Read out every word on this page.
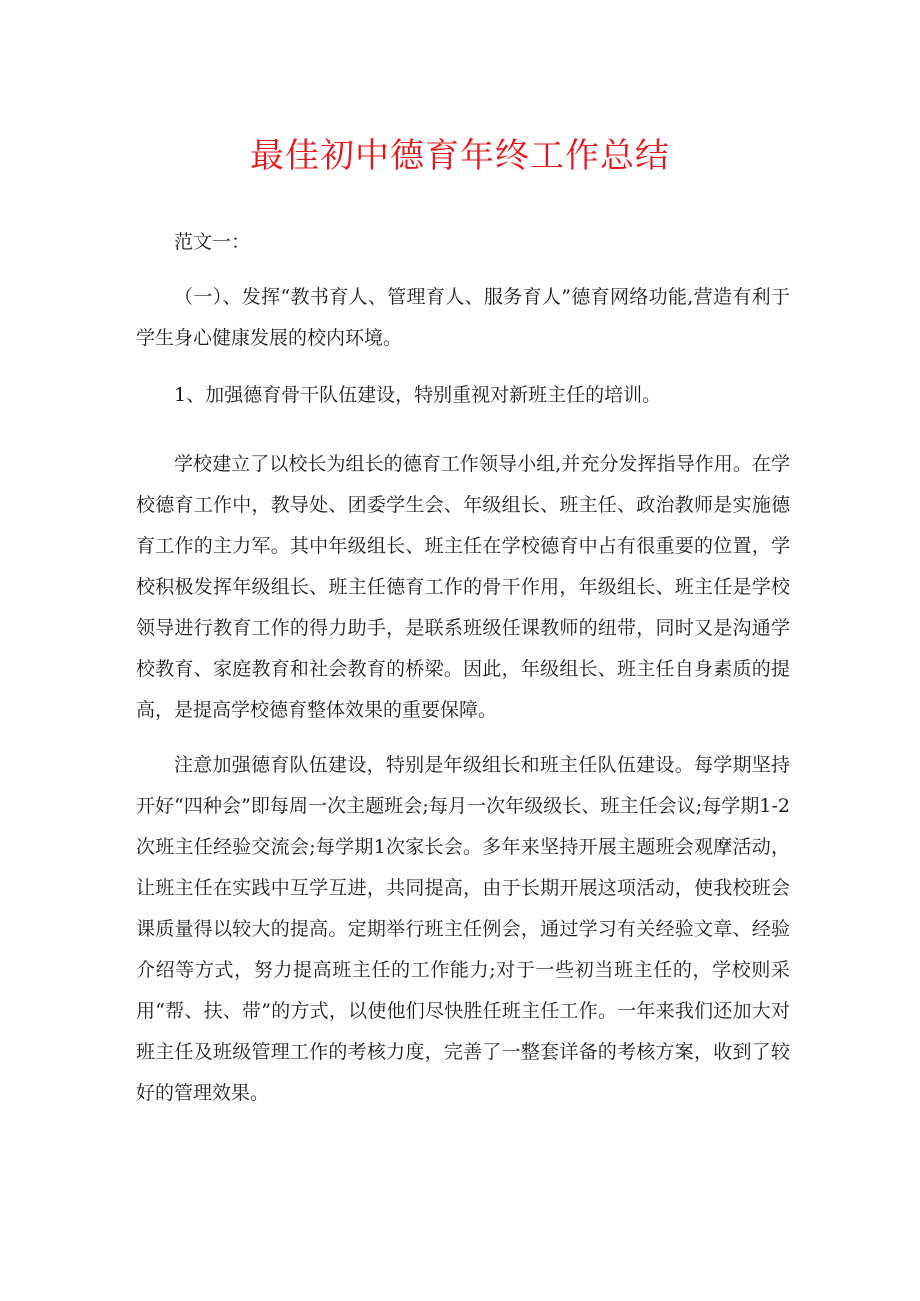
最佳初中德育年终工作总结

范文一：

（一）、发挥“教书育人、管理育人、服务育人”德育网络功能,营造有利于学生身心健康发展的校内环境。

1、加强德育骨干队伍建设，特别重视对新班主任的培训。

学校建立了以校长为组长的德育工作领导小组,并充分发挥指导作用。在学校德育工作中，教导处、团委学生会、年级组长、班主任、政治教师是实施德育工作的主力军。其中年级组长、班主任在学校德育中占有很重要的位置，学校积极发挥年级组长、班主任德育工作的骨干作用，年级组长、班主任是学校领导进行教育工作的得力助手，是联系班级任课教师的纽带，同时又是沟通学校教育、家庭教育和社会教育的桥梁。因此，年级组长、班主任自身素质的提高，是提高学校德育整体效果的重要保障。

注意加强德育队伍建设，特别是年级组长和班主任队伍建设。每学期坚持开好“四种会”即每周一次主题班会;每月一次年级级长、班主任会议;每学期1-2次班主任经验交流会;每学期1次家长会。多年来坚持开展主题班会观摩活动，让班主任在实践中互学互进，共同提高，由于长期开展这项活动，使我校班会课质量得以较大的提高。定期举行班主任例会，通过学习有关经验文章、经验介绍等方式，努力提高班主任的工作能力;对于一些初当班主任的，学校则采用“帮、扶、带”的方式，以使他们尽快胜任班主任工作。一年来我们还加大对班主任及班级管理工作的考核力度，完善了一整套详备的考核方案，收到了较好的管理效果。
